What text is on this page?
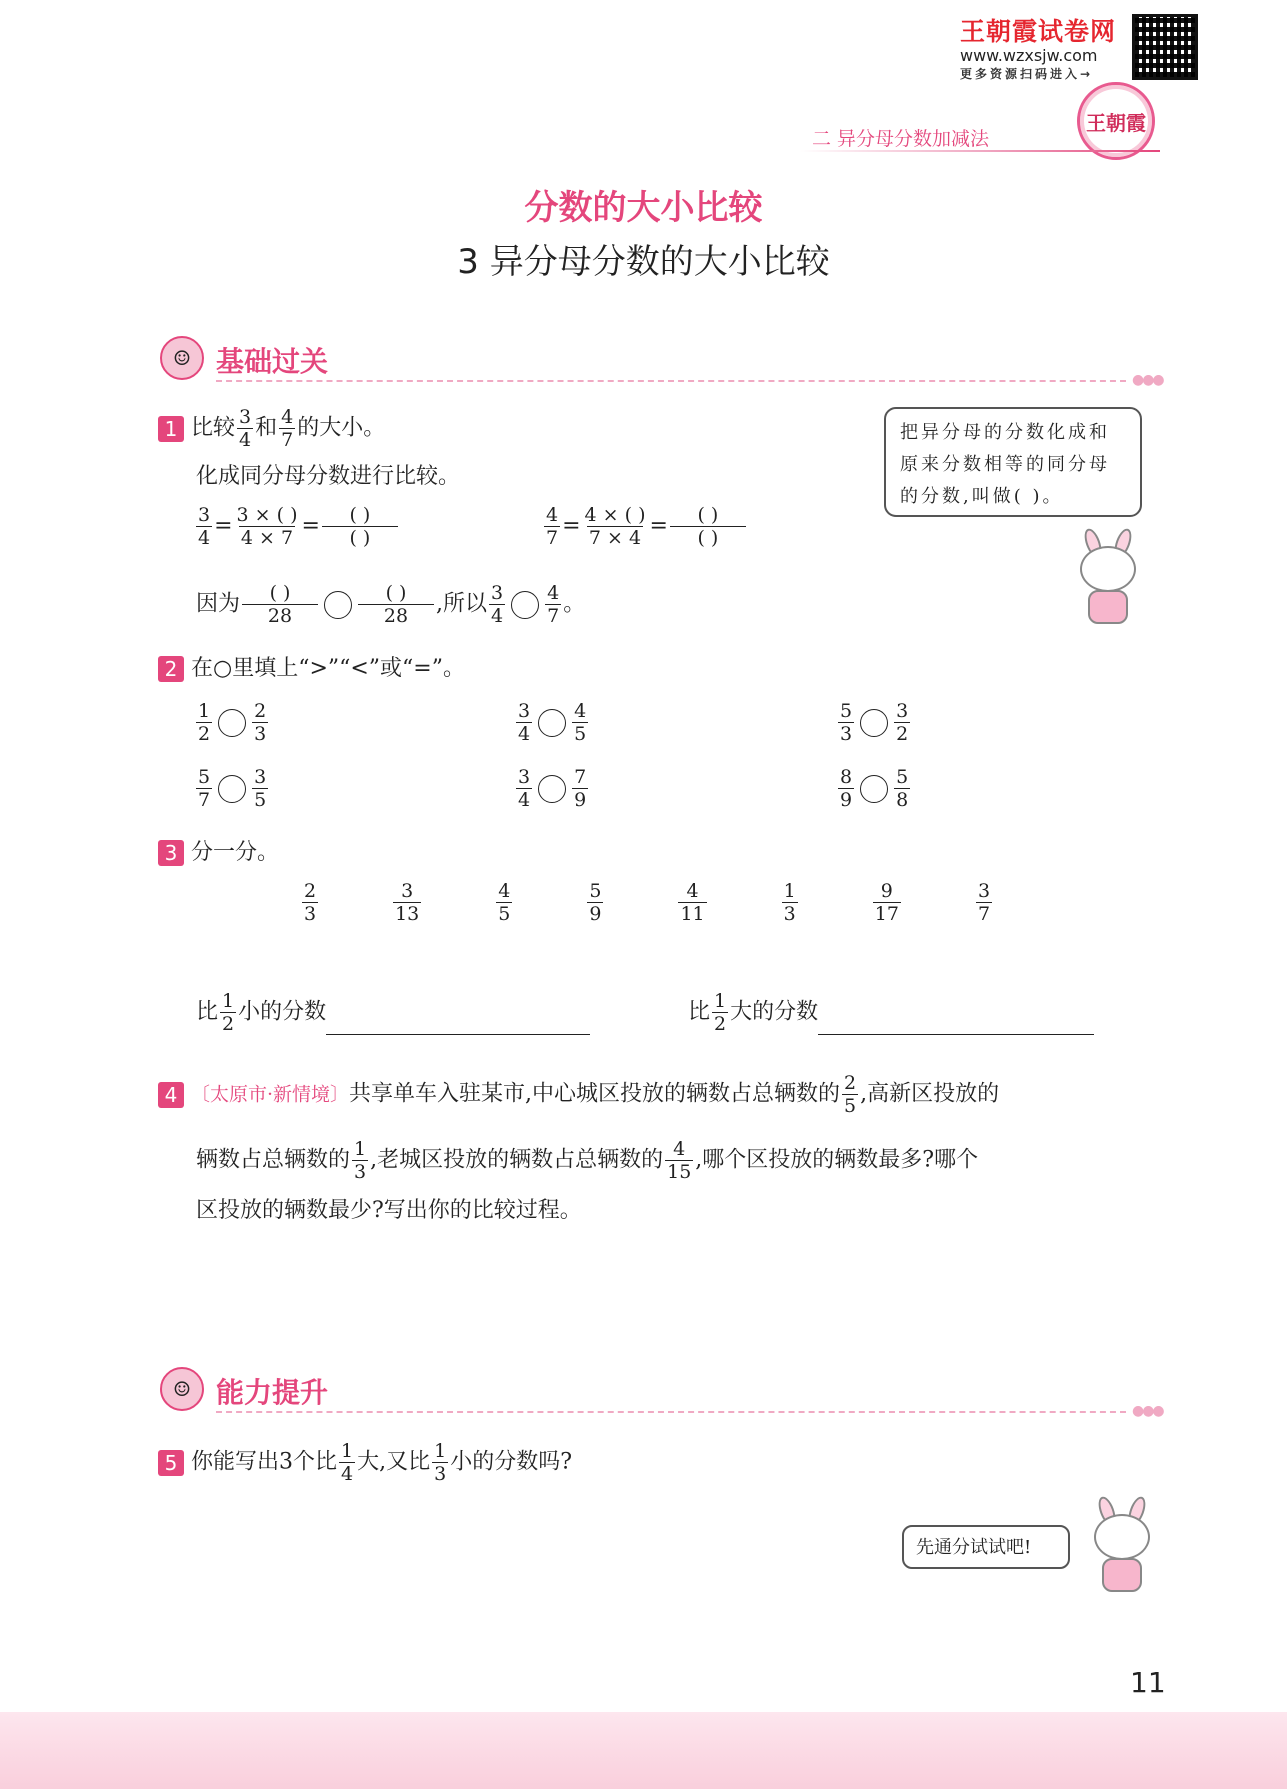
王朝霞试卷网
www.wzxsjw.com
更多资源扫码进入→
王朝霞
二 异分母分数加减法
分数的大小比较
3 异分母分数的大小比较
☺ 基础过关
●●●
把异分母的分数化成和
原来分数相等的同分母
的分数,叫做( )。
1 比较 $\frac{3}{4}$ 和 $\frac{4}{7}$ 的大小。
化成同分母分数进行比较。
$\frac{3}{4} = \frac{3 \times ( )}{4 \times 7} = \frac{( )}{( )}$	$\frac{4}{7} = \frac{4 \times ( )}{7 \times 4} = \frac{( )}{( )}$
因为 $\frac{( )}{28} \frac{( )}{28}$ ,所以 $\frac{3}{4} \frac{4}{7}$ 。
2 在○里填上“>”“<”或“=”。
$\frac{1}{2} \frac{2}{3}$	$\frac{3}{4} \frac{4}{5}$	$\frac{5}{3} \frac{3}{2}$
$\frac{5}{7} \frac{3}{5}$	$\frac{3}{4} \frac{7}{9}$	$\frac{8}{9} \frac{5}{8}$
3 分一分。
$\frac{2}{3}$
	$\frac{3}{13}$
	$\frac{4}{5}$
	$\frac{5}{9}$
	$\frac{4}{11}$
	$\frac{1}{3}$
	$\frac{9}{17}$
	$\frac{3}{7}$
比 $\frac{1}{2}$ 小的分数	比 $\frac{1}{2}$ 大的分数
4 〔太原市·新情境〕共享单车入驻某市,中心城区投放的辆数占总辆数的 $\frac{2}{5}$ ,高新区投放的
辆数占总辆数的 $\frac{1}{3}$ ,老城区投放的辆数占总辆数的 $\frac{4}{15}$ ,哪个区投放的辆数最多?哪个
区投放的辆数最少?写出你的比较过程。
☺ 能力提升
●●●
5 你能写出3个比 $\frac{1}{4}$ 大,又比 $\frac{1}{3}$ 小的分数吗?
先通分试试吧!
11
